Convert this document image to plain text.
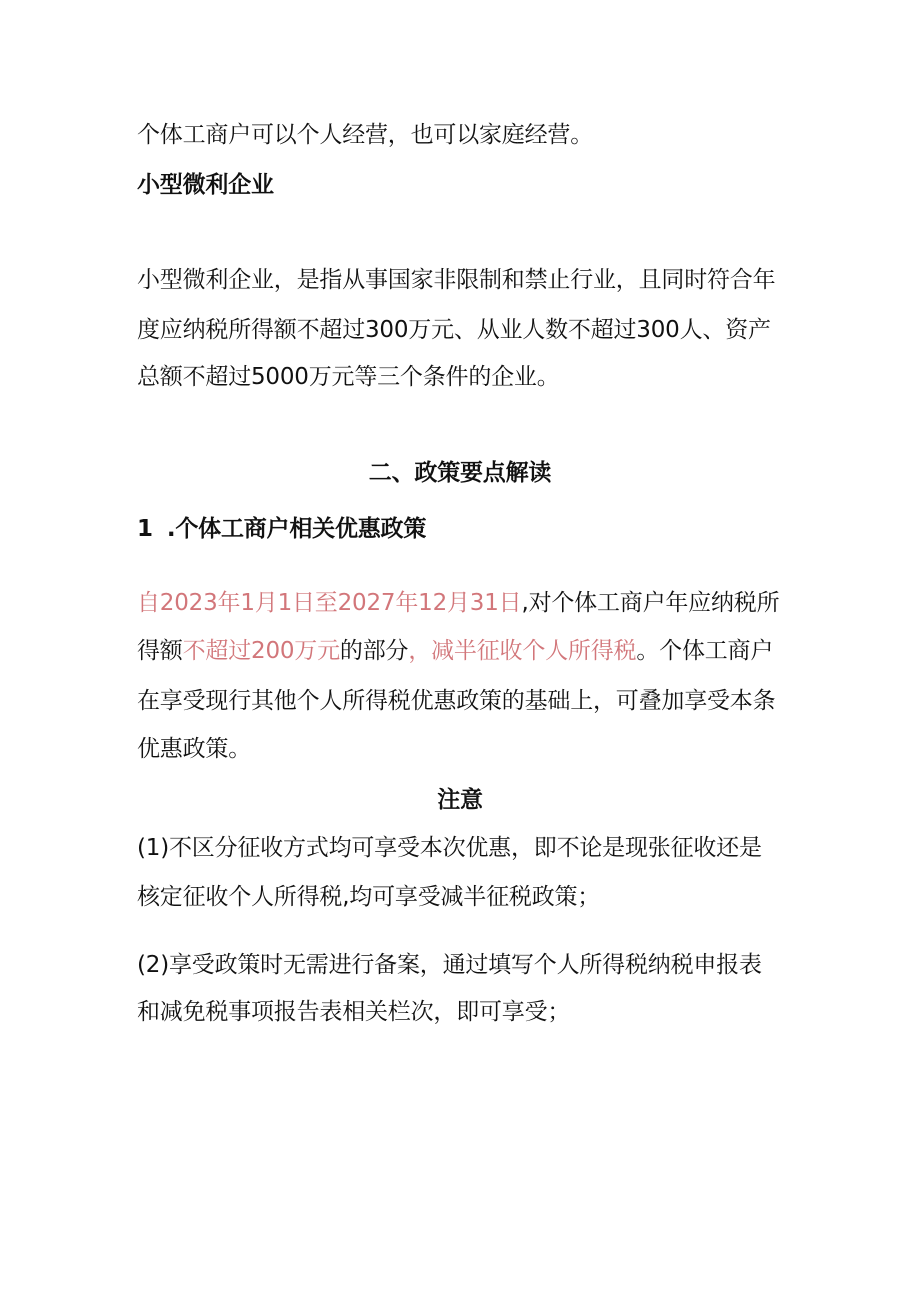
个体工商户可以个人经营，也可以家庭经营。
小型微利企业
小型微利企业，是指从事国家非限制和禁止行业，且同时符合年
度应纳税所得额不超过300万元、从业人数不超过300人、资产
总额不超过5000万元等三个条件的企业。
二、政策要点解读
1 .个体工商户相关优惠政策
自2023年1月1日至2027年12月31日,对个体工商户年应纳税所
得额不超过200万元的部分，减半征收个人所得税。个体工商户
在享受现行其他个人所得税优惠政策的基础上，可叠加享受本条
优惠政策。
注意
(1)不区分征收方式均可享受本次优惠，即不论是现张征收还是
核定征收个人所得税,均可享受减半征税政策；
(2)享受政策时无需进行备案，通过填写个人所得税纳税申报表
和减免税事项报告表相关栏次，即可享受；
